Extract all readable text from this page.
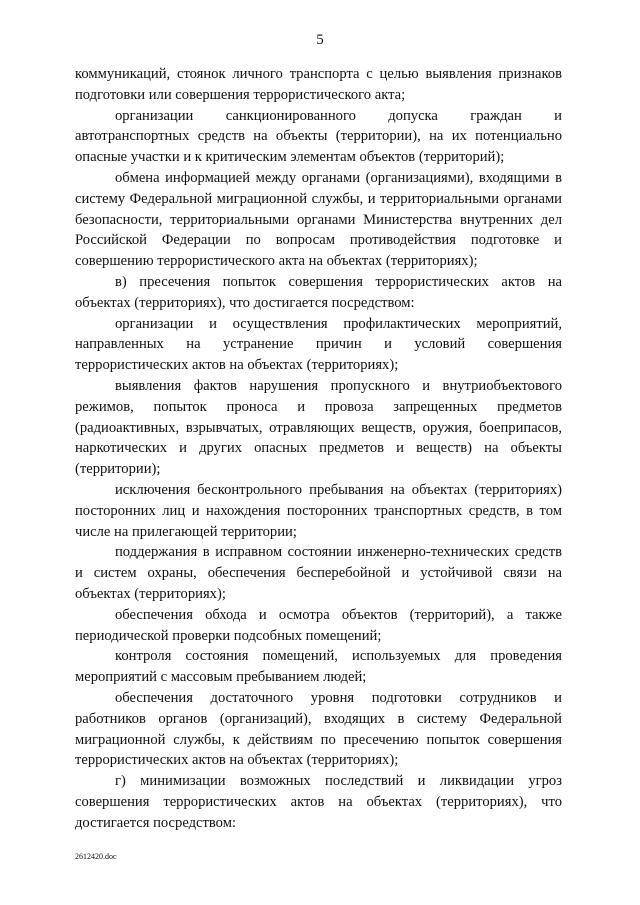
5

коммуникаций, стоянок личного транспорта с целью выявления признаков подготовки или совершения террористического акта;

организации санкционированного допуска граждан и автотранспортных средств на объекты (территории), на их потенциально опасные участки и к критическим элементам объектов (территорий);

обмена информацией между органами (организациями), входящими в систему Федеральной миграционной службы, и территориальными органами безопасности, территориальными органами Министерства внутренних дел Российской Федерации по вопросам противодействия подготовке и совершению террористического акта на объектах (территориях);

в) пресечения попыток совершения террористических актов на объектах (территориях), что достигается посредством:

организации и осуществления профилактических мероприятий, направленных на устранение причин и условий совершения террористических актов на объектах (территориях);

выявления фактов нарушения пропускного и внутриобъектового режимов, попыток проноса и провоза запрещенных предметов (радиоактивных, взрывчатых, отравляющих веществ, оружия, боеприпасов, наркотических и других опасных предметов и веществ) на объекты (территории);

исключения бесконтрольного пребывания на объектах (территориях) посторонних лиц и нахождения посторонних транспортных средств, в том числе на прилегающей территории;

поддержания в исправном состоянии инженерно-технических средств и систем охраны, обеспечения бесперебойной и устойчивой связи на объектах (территориях);

обеспечения обхода и осмотра объектов (территорий), а также периодической проверки подсобных помещений;

контроля состояния помещений, используемых для проведения мероприятий с массовым пребыванием людей;

обеспечения достаточного уровня подготовки сотрудников и работников органов (организаций), входящих в систему Федеральной миграционной службы, к действиям по пресечению попыток совершения террористических актов на объектах (территориях);

г) минимизации возможных последствий и ликвидации угроз совершения террористических актов на объектах (территориях), что достигается посредством:

2612420.doc
